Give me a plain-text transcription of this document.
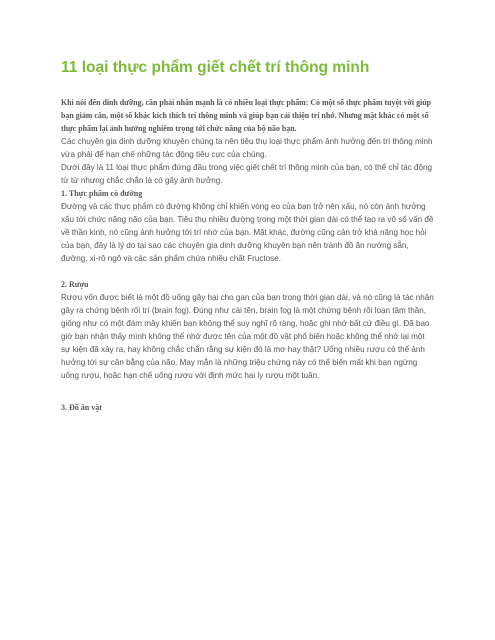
11 loại thực phẩm giết chết trí thông minh

Khi nói đến dinh dưỡng, cần phải nhấn mạnh là có nhiều loại thực phẩm: Có một số thực phẩm tuyệt vời giúp bạn giảm cân, một số khác kích thích trí thông minh và giúp bạn cải thiện trí nhớ. Nhưng mặt khác có một số thực phẩm lại ảnh hưởng nghiêm trọng tới chức năng của bộ não bạn.

Các chuyên gia dinh dưỡng khuyên chúng ta nên tiêu thụ loại thực phẩm ảnh hưởng đến trí thông minh vừa phải để hạn chế những tác động tiêu cực của chúng.

Dưới đây là 11 loại thực phẩm đứng đầu trong việc giết chết trí thông minh của bạn, có thể chỉ tác động từ từ nhưng chắc chắn là có gây ảnh hưởng.

1. Thực phẩm có đường

Đường và các thực phẩm có đường không chỉ khiến vòng eo của bạn trở nên xấu, nó còn ảnh hưởng xấu tới chức năng não của bạn. Tiêu thụ nhiều đường trong một thời gian dài có thể tạo ra vô số vấn đề về thần kinh, nó cũng ảnh hưởng tới trí nhớ của bạn. Mặt khác, đường cũng cản trở khả năng học hỏi của bạn, đây là lý do tại sao các chuyên gia dinh dưỡng khuyên bạn nên tránh đồ ăn nướng sẵn, đường, xi-rô ngô và các sản phẩm chứa nhiều chất Fructose.

2. Rượu

Rượu vốn được biết là một đồ uống gây hại cho gan của bạn trong thời gian dài, và nó cũng là tác nhân gây ra chứng bệnh rối trí (brain fog). Đúng như cái tên, brain fog là một chứng bệnh rối loạn tâm thần, giống như có một đám mây khiến bạn không thể suy nghĩ rõ ràng, hoặc ghi nhớ bất cứ điều gì. Đã bao giờ bạn nhận thấy mình không thể nhớ được tên của một đồ vật phổ biến hoặc không thể nhớ lại một sự kiện đã xảy ra, hay không chắc chắn rằng sự kiện đó là mơ hay thật? Uống nhiều rượu có thể ảnh hưởng tới sự cân bằng của não. May mắn là những triệu chứng này có thể biến mất khi bạn ngừng uống rượu, hoặc hạn chế uống rượu với định mức hai ly rượu một tuần.

3. Đồ ăn vặt
